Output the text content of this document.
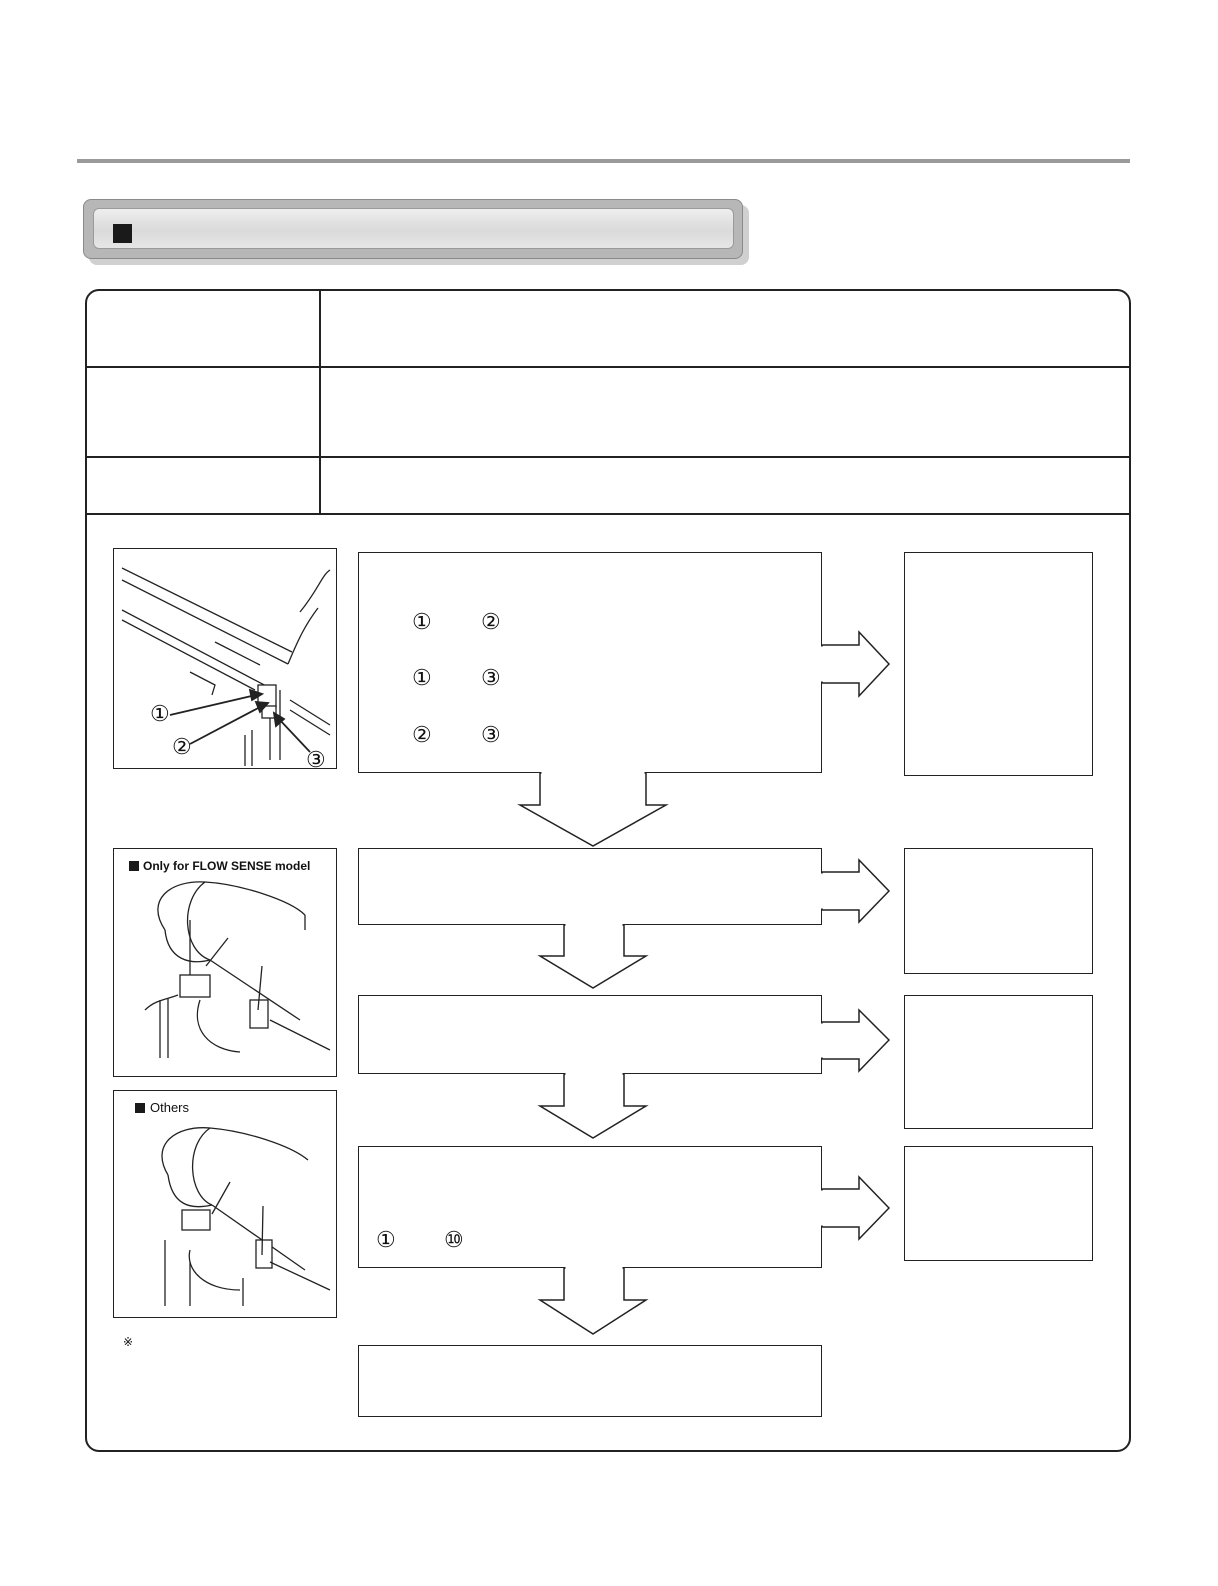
①
②
③
Only for FLOW SENSE model
Others
※
① ②
① ③
② ③
① ⑩
